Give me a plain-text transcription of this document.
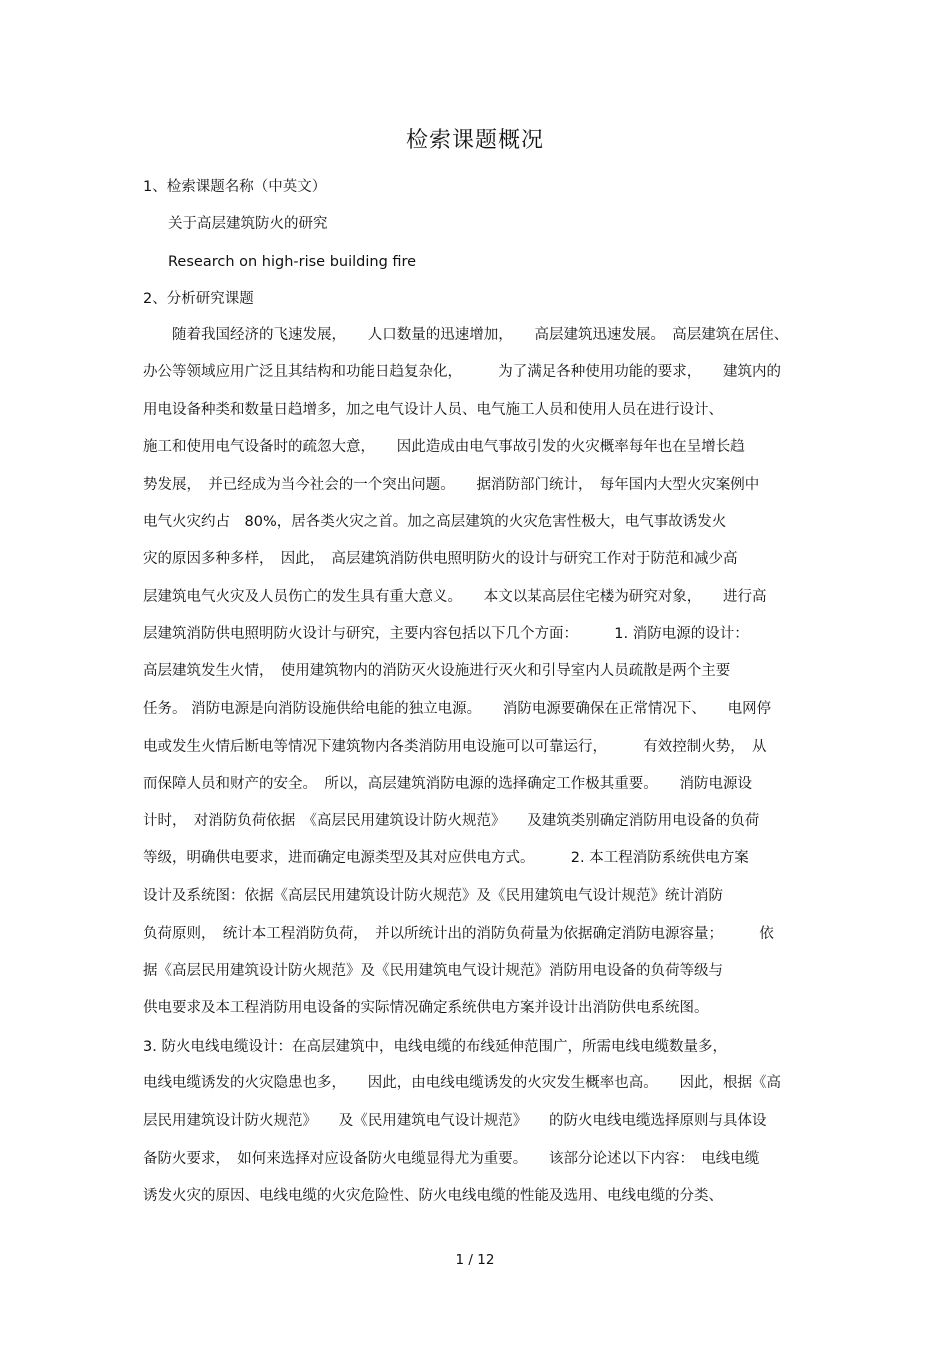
检索课题概况
1、检索课题名称（中英文）
关于高层建筑防火的研究
Research on high-rise building fire
2、分析研究课题
　　随着我国经济的飞速发展，　　人口数量的迅速增加，　　高层建筑迅速发展。　高层建筑在居住、
办公等领域应用广泛且其结构和功能日趋复杂化，　　　为了满足各种使用功能的要求，　　建筑内的
用电设备种类和数量日趋增多，加之电气设计人员、电气施工人员和使用人员在进行设计、
施工和使用电气设备时的疏忽大意，　　因此造成由电气事故引发的火灾概率每年也在呈增长趋
势发展，　并已经成为当今社会的一个突出问题。　　据消防部门统计，　每年国内大型火灾案例中
电气火灾约占　80%，居各类火灾之首。加之高层建筑的火灾危害性极大，电气事故诱发火
灾的原因多种多样，　因此，　高层建筑消防供电照明防火的设计与研究工作对于防范和减少高
层建筑电气火灾及人员伤亡的发生具有重大意义。　　本文以某高层住宅楼为研究对象，　　进行高
层建筑消防供电照明防火设计与研究，主要内容包括以下几个方面：　　　1. 消防电源的设计：
高层建筑发生火情，　使用建筑物内的消防灭火设施进行灭火和引导室内人员疏散是两个主要
任务。 消防电源是向消防设施供给电能的独立电源。　　消防电源要确保在正常情况下、　　电网停
电或发生火情后断电等情况下建筑物内各类消防用电设施可以可靠运行，　　　有效控制火势，　从
而保障人员和财产的安全。　所以，高层建筑消防电源的选择确定工作极其重要。　　消防电源设
计时，　对消防负荷依据　《高层民用建筑设计防火规范》　　及建筑类别确定消防用电设备的负荷
等级，明确供电要求，进而确定电源类型及其对应供电方式。　　　2. 本工程消防系统供电方案
设计及系统图：依据《高层民用建筑设计防火规范》及《民用建筑电气设计规范》统计消防
负荷原则，　统计本工程消防负荷，　并以所统计出的消防负荷量为依据确定消防电源容量；　　　依
据《高层民用建筑设计防火规范》及《民用建筑电气设计规范》消防用电设备的负荷等级与
供电要求及本工程消防用电设备的实际情况确定系统供电方案并设计出消防供电系统图。
3. 防火电线电缆设计：在高层建筑中，电线电缆的布线延伸范围广，所需电线电缆数量多，
电线电缆诱发的火灾隐患也多，　　因此，由电线电缆诱发的火灾发生概率也高。　　因此，根据《高
层民用建筑设计防火规范》　　及《民用建筑电气设计规范》　　的防火电线电缆选择原则与具体设
备防火要求，　如何来选择对应设备防火电缆显得尤为重要。　　该部分论述以下内容：　电线电缆
诱发火灾的原因、电线电缆的火灾危险性、防火电线电缆的性能及选用、电线电缆的分类、
1 / 12
